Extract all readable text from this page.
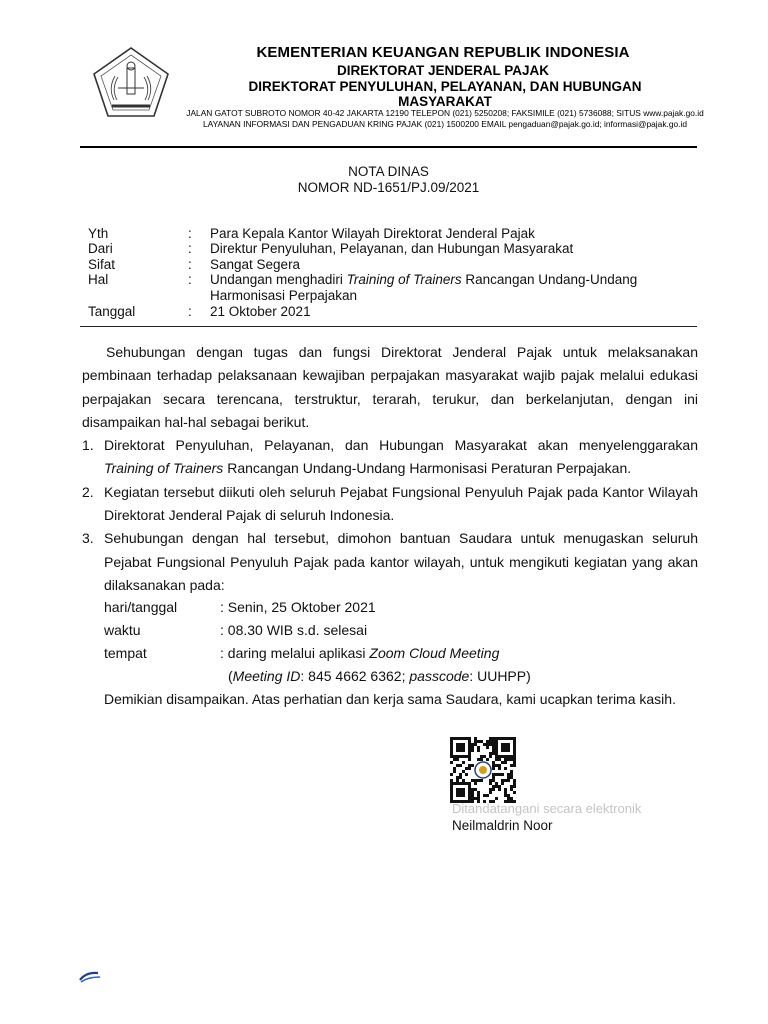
KEMENTERIAN KEUANGAN REPUBLIK INDONESIA
DIREKTORAT JENDERAL PAJAK
DIREKTORAT PENYULUHAN, PELAYANAN, DAN HUBUNGAN MASYARAKAT
JALAN GATOT SUBROTO NOMOR 40-42 JAKARTA 12190 TELEPON (021) 5250208; FAKSIMILE (021) 5736088; SITUS www.pajak.go.id LAYANAN INFORMASI DAN PENGADUAN KRING PAJAK (021) 1500200 EMAIL pengaduan@pajak.go.id; informasi@pajak.go.id
NOTA DINAS
NOMOR ND-1651/PJ.09/2021
Yth	: Para Kepala Kantor Wilayah Direktorat Jenderal Pajak
Dari	: Direktur Penyuluhan, Pelayanan, dan Hubungan Masyarakat
Sifat	: Sangat Segera
Hal	: Undangan menghadiri Training of Trainers Rancangan Undang-Undang Harmonisasi Perpajakan
Tanggal	: 21 Oktober 2021

Sehubungan dengan tugas dan fungsi Direktorat Jenderal Pajak untuk melaksanakan pembinaan terhadap pelaksanaan kewajiban perpajakan masyarakat wajib pajak melalui edukasi perpajakan secara terencana, terstruktur, terarah, terukur, dan berkelanjutan, dengan ini disampaikan hal-hal sebagai berikut.

1. Direktorat Penyuluhan, Pelayanan, dan Hubungan Masyarakat akan menyelenggarakan Training of Trainers Rancangan Undang-Undang Harmonisasi Peraturan Perpajakan.
2. Kegiatan tersebut diikuti oleh seluruh Pejabat Fungsional Penyuluh Pajak pada Kantor Wilayah Direktorat Jenderal Pajak di seluruh Indonesia.
3. Sehubungan dengan hal tersebut, dimohon bantuan Saudara untuk menugaskan seluruh Pejabat Fungsional Penyuluh Pajak pada kantor wilayah, untuk mengikuti kegiatan yang akan dilaksanakan pada:
hari/tanggal	: Senin, 25 Oktober 2021
waktu	: 08.30 WIB s.d. selesai
tempat	: daring melalui aplikasi Zoom Cloud Meeting
(Meeting ID: 845 4662 6362; passcode: UUHPP)
Demikian disampaikan. Atas perhatian dan kerja sama Saudara, kami ucapkan terima kasih.
Ditandatangani secara elektronik
Neilmaldrin Noor
